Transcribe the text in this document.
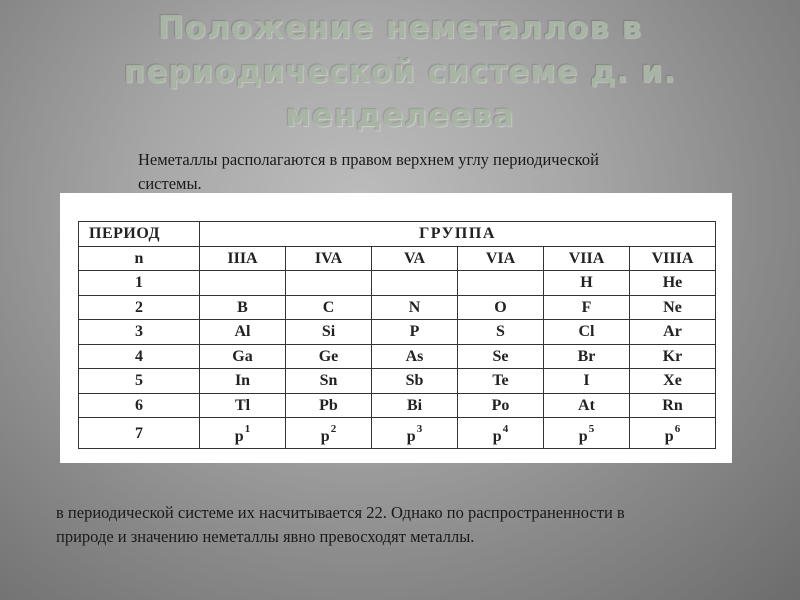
Положение неметаллов в периодической системе д. и. менделеева
Неметаллы располагаются в правом верхнем углу периодической системы.
ПЕРИОД	ГРУППА					
n	IIIA	IVA	VA	VIA	VIIA	VIIIA
1					H	He
2	B	C	N	O	F	Ne
3	Al	Si	P	S	Cl	Ar
4	Ga	Ge	As	Se	Br	Kr
5	In	Sn	Sb	Te	I	Xe
6	Tl	Pb	Bi	Po	At	Rn
7	$p^1$	$p^2$	$p^3$	$p^4$	$p^5$	$p^6$
в периодической системе их насчитывается 22. Однако по распространенности в природе и значению неметаллы явно превосходят металлы.
